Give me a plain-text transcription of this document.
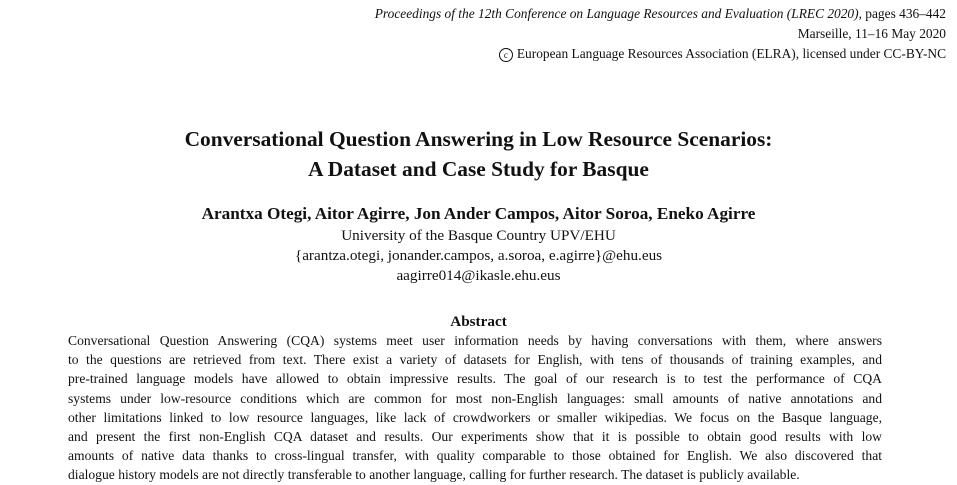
Proceedings of the 12th Conference on Language Resources and Evaluation (LREC 2020), pages 436–442
Marseille, 11–16 May 2020
c European Language Resources Association (ELRA), licensed under CC-BY-NC
Conversational Question Answering in Low Resource Scenarios:
A Dataset and Case Study for Basque
Arantxa Otegi, Aitor Agirre, Jon Ander Campos, Aitor Soroa, Eneko Agirre
University of the Basque Country UPV/EHU
{arantza.otegi, jonander.campos, a.soroa, e.agirre}@ehu.eus
aagirre014@ikasle.ehu.eus
Abstract
Conversational Question Answering (CQA) systems meet user information needs by having conversations with them, where answers
to the questions are retrieved from text. There exist a variety of datasets for English, with tens of thousands of training examples, and
pre-trained language models have allowed to obtain impressive results. The goal of our research is to test the performance of CQA
systems under low-resource conditions which are common for most non-English languages: small amounts of native annotations and
other limitations linked to low resource languages, like lack of crowdworkers or smaller wikipedias. We focus on the Basque language,
and present the first non-English CQA dataset and results. Our experiments show that it is possible to obtain good results with low
amounts of native data thanks to cross-lingual transfer, with quality comparable to those obtained for English. We also discovered that
dialogue history models are not directly transferable to another language, calling for further research. The dataset is publicly available.
